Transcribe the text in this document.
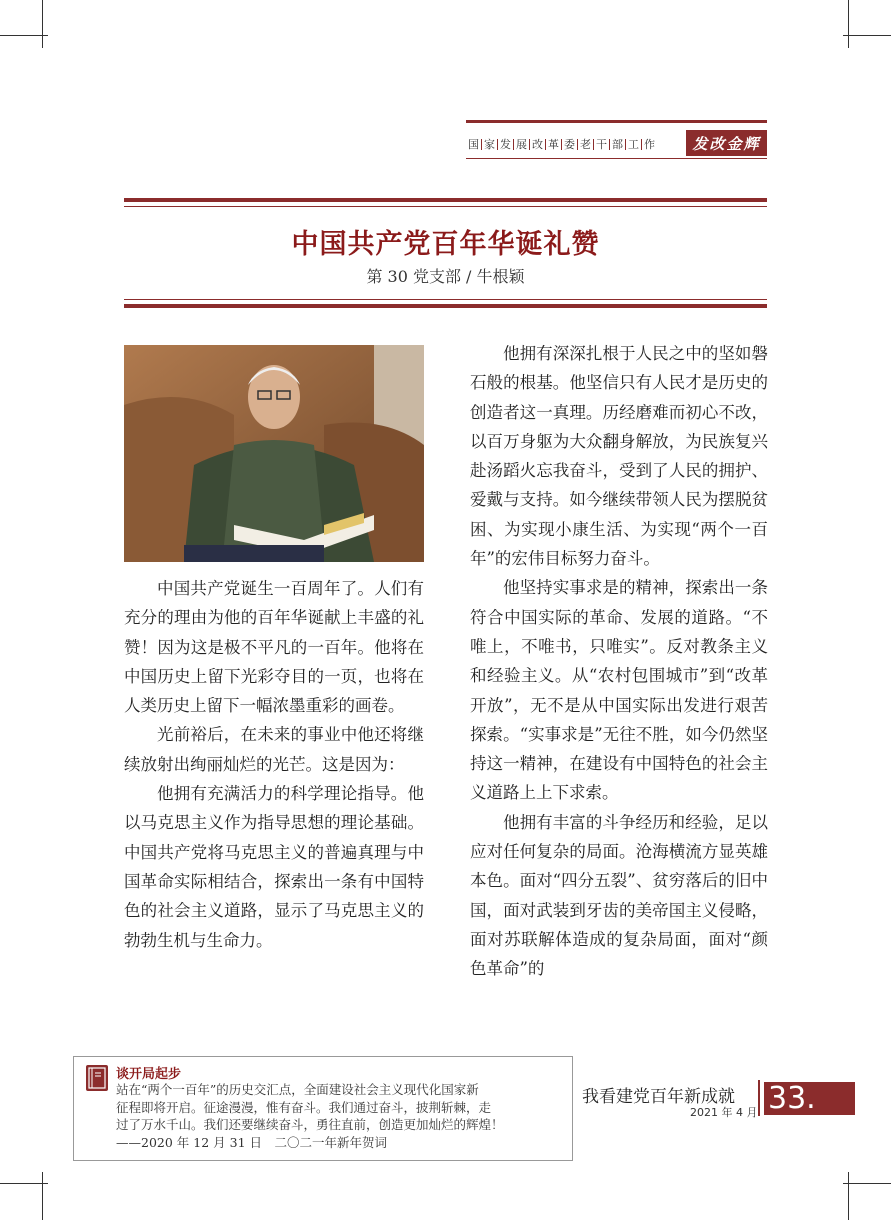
国 家 发 展 改 革 委 老 干 部 工 作	发改金辉
中国共产党百年华诞礼赞
第 30 党支部 / 牛根颖

中国共产党诞生一百周年了。人们有充分的理由为他的百年华诞献上丰盛的礼赞！因为这是极不平凡的一百年。他将在中国历史上留下光彩夺目的一页，也将在人类历史上留下一幅浓墨重彩的画卷。

光前裕后，在未来的事业中他还将继续放射出绚丽灿烂的光芒。这是因为：

他拥有充满活力的科学理论指导。他以马克思主义作为指导思想的理论基础。中国共产党将马克思主义的普遍真理与中国革命实际相结合，探索出一条有中国特色的社会主义道路，显示了马克思主义的勃勃生机与生命力。

他拥有深深扎根于人民之中的坚如磐石般的根基。他坚信只有人民才是历史的创造者这一真理。历经磨难而初心不改，以百万身躯为大众翻身解放，为民族复兴赴汤蹈火忘我奋斗，受到了人民的拥护、爱戴与支持。如今继续带领人民为摆脱贫困、为实现小康生活、为实现“两个一百年”的宏伟目标努力奋斗。

他坚持实事求是的精神，探索出一条符合中国实际的革命、发展的道路。“不唯上，不唯书，只唯实”。反对教条主义和经验主义。从“农村包围城市”到“改革开放”，无不是从中国实际出发进行艰苦探索。“实事求是”无往不胜，如今仍然坚持这一精神，在建设有中国特色的社会主义道路上上下求索。

他拥有丰富的斗争经历和经验，足以应对任何复杂的局面。沧海横流方显英雄本色。面对“四分五裂”、贫穷落后的旧中国，面对武装到牙齿的美帝国主义侵略，面对苏联解体造成的复杂局面，面对“颜色革命”的

谈开局起步
站在“两个一百年”的历史交汇点，全面建设社会主义现代化国家新
征程即将开启。征途漫漫，惟有奋斗。我们通过奋斗，披荆斩棘，走
过了万水千山。我们还要继续奋斗，勇往直前，创造更加灿烂的辉煌！
——2020 年 12 月 31 日　二〇二一年新年贺词
我看建党百年新成就
2021 年 4 月 33.
